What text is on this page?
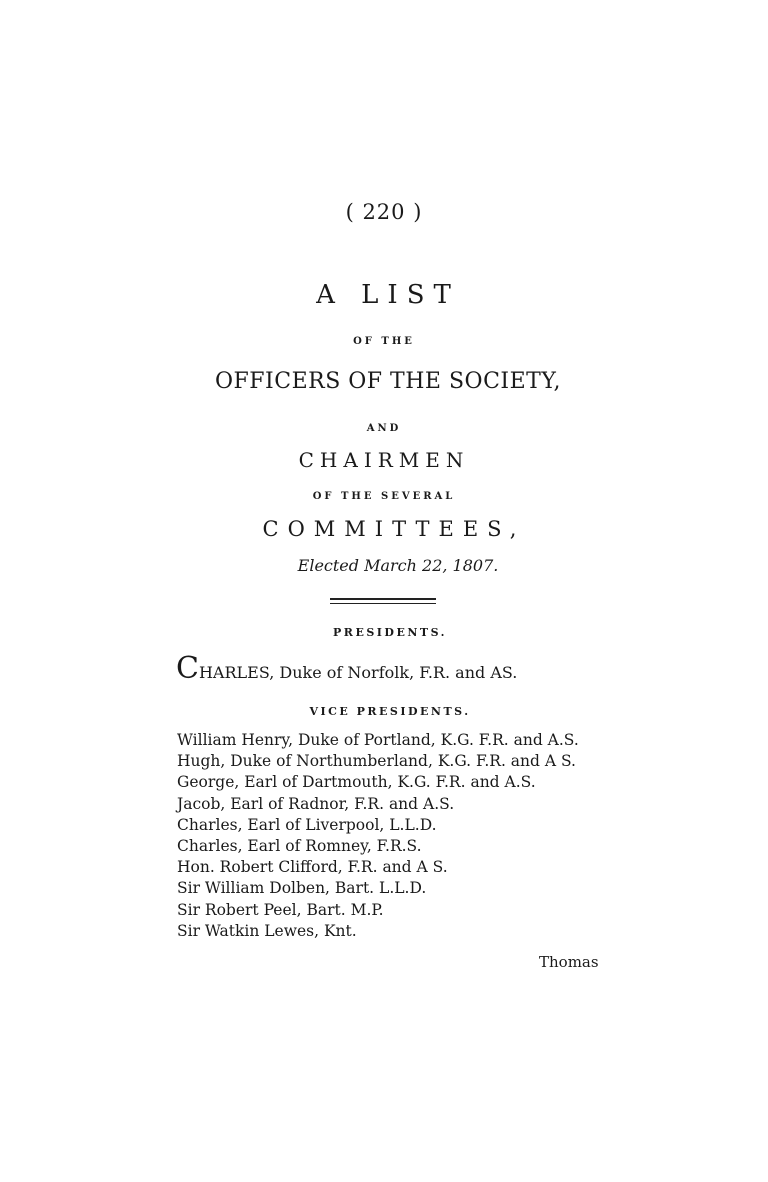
( 220 )
A LIST
OF THE
OFFICERS OF THE SOCIETY,
AND
CHAIRMEN
OF THE SEVERAL
COMMITTEES,
Elected March 22, 1807.
PRESIDENTS.
CHARLES, Duke of Norfolk, F.R. and AS.
VICE PRESIDENTS.
William Henry, Duke of Portland, K.G. F.R. and A.S.
Hugh, Duke of Northumberland, K.G. F.R. and A S.
George, Earl of Dartmouth, K.G. F.R. and A.S.
Jacob, Earl of Radnor, F.R. and A.S.
Charles, Earl of Liverpool, L.L.D.
Charles, Earl of Romney, F.R.S.
Hon. Robert Clifford, F.R. and A S.
Sir William Dolben, Bart. L.L.D.
Sir Robert Peel, Bart. M.P.
Sir Watkin Lewes, Knt.
Thomas
